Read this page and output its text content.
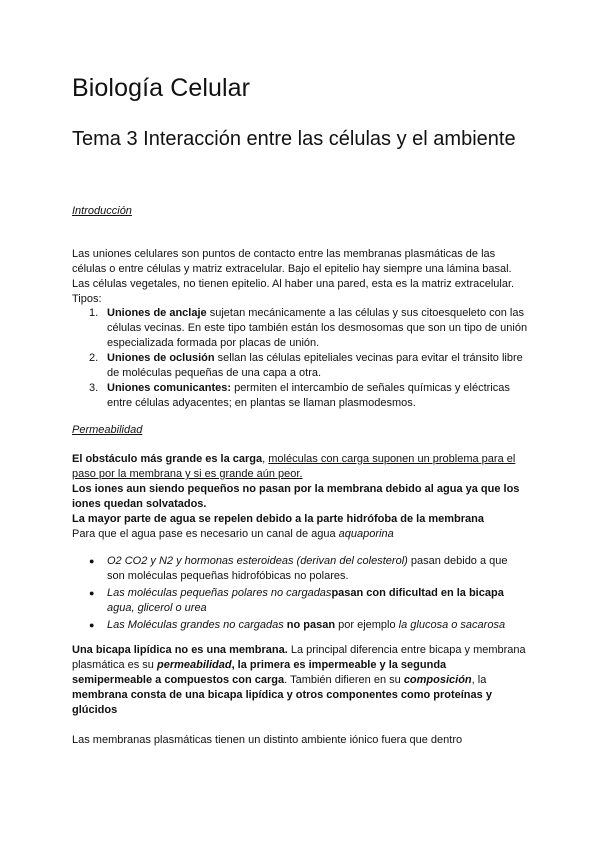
Biología Celular
Tema 3 Interacción entre las células y el ambiente

Introducción

Las uniones celulares son puntos de contacto entre las membranas plasmáticas de las células o entre células y matriz extracelular. Bajo el epitelio hay siempre una lámina basal. Las células vegetales, no tienen epitelio. Al haber una pared, esta es la matriz extracelular. Tipos:

1. Uniones de anclaje sujetan mecánicamente a las células y sus citoesqueleto con las células vecinas. En este tipo también están los desmosomas que son un tipo de unión especializada formada por placas de unión.
2. Uniones de oclusión sellan las células epiteliales vecinas para evitar el tránsito libre de moléculas pequeñas de una capa a otra.
3. Uniones comunicantes: permiten el intercambio de señales químicas y eléctricas entre células adyacentes; en plantas se llaman plasmodesmos.

Permeabilidad

El obstáculo más grande es la carga, moléculas con carga suponen un problema para el paso por la membrana y si es grande aún peor.

Los iones aun siendo pequeños no pasan por la membrana debido al agua ya que los iones quedan solvatados.

La mayor parte de agua se repelen debido a la parte hidrófoba de la membrana

Para que el agua pase es necesario un canal de agua aquaporina

● O2 CO2 y N2 y hormonas esteroideas (derivan del colesterol) pasan debido a que son moléculas pequeñas hidrofóbicas no polares.
● Las moléculas pequeñas polares no cargadaspasan con dificultad en la bicapa agua, glicerol o urea
● Las Moléculas grandes no cargadas no pasan por ejemplo la glucosa o sacarosa

Una bicapa lipídica no es una membrana. La principal diferencia entre bicapa y membrana plasmática es su permeabilidad, la primera es impermeable y la segunda semipermeable a compuestos con carga. También difieren en su composición, la membrana consta de una bicapa lipídica y otros componentes como proteínas y glúcidos

Las membranas plasmáticas tienen un distinto ambiente iónico fuera que dentro
